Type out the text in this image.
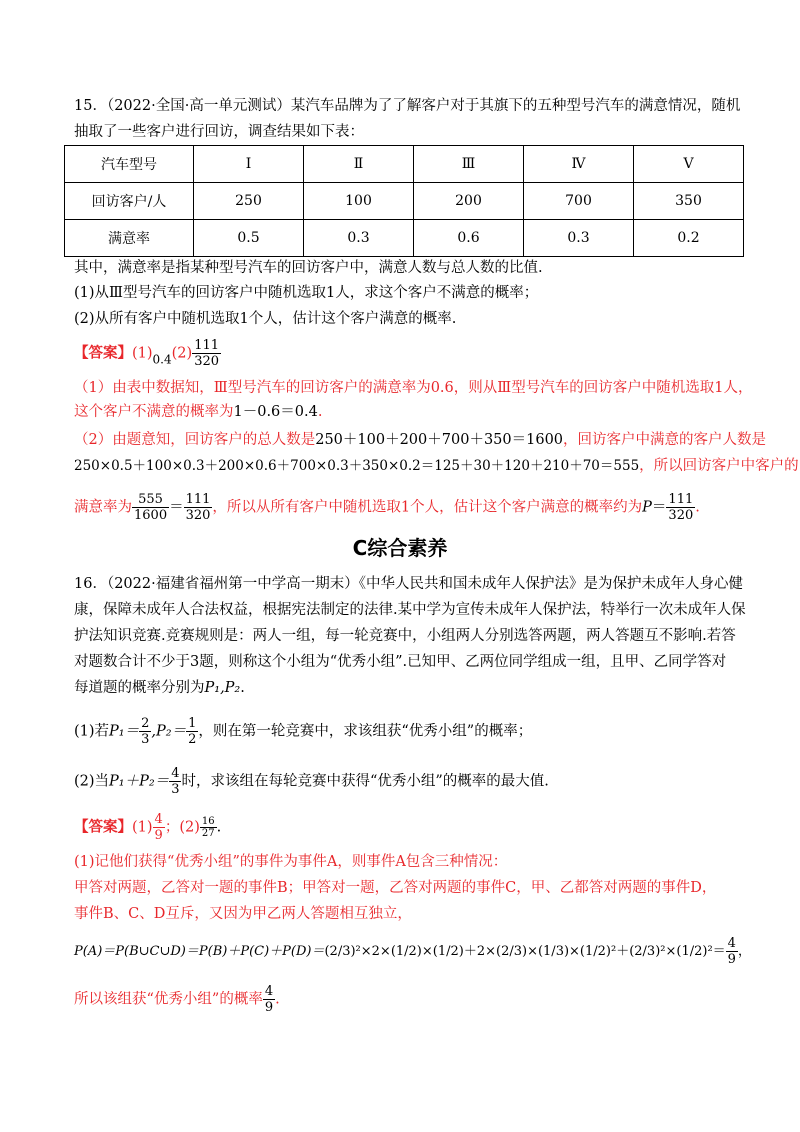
15．（2022·全国·高一单元测试）某汽车品牌为了了解客户对于其旗下的五种型号汽车的满意情况，随机
抽取了一些客户进行回访，调查结果如下表：
汽车型号	Ⅰ	Ⅱ	Ⅲ	Ⅳ	Ⅴ
回访客户/人	250	100	200	700	350
满意率	0.5	0.3	0.6	0.3	0.2
其中，满意率是指某种型号汽车的回访客户中，满意人数与总人数的比值.
(1)从Ⅲ型号汽车的回访客户中随机选取1人，求这个客户不满意的概率；
(2)从所有客户中随机选取1个人，估计这个客户满意的概率.
【答案】$(1)_{0.4}(2) \frac{111}{320}$
（1）由表中数据知，Ⅲ型号汽车的回访客户的满意率为0.6，则从Ⅲ型号汽车的回访客户中随机选取1人，
这个客户不满意的概率为1－0.6＝0.4.
（2）由题意知，回访客户的总人数是250＋100＋200＋700＋350＝1600，回访客户中满意的客户人数是
250×0.5＋100×0.3＋200×0.6＋700×0.3＋350×0.2＝125＋30＋120＋210＋70＝555，所以回访客户中客户的
满意率为 $\frac{555}{1600} = \frac{111}{320}$ ，所以从所有客户中随机选取1个人，估计这个客户满意的概率约为$P= \frac{111}{320}$ .
C综合素养
16．（2022·福建省福州第一中学高一期末）《中华人民共和国未成年人保护法》是为保护未成年人身心健
康，保障未成年人合法权益，根据宪法制定的法律.某中学为宣传未成年人保护法，特举行一次未成年人保
护法知识竞赛.竞赛规则是：两人一组，每一轮竞赛中，小组两人分别选答两题，两人答题互不影响.若答
对题数合计不少于3题，则称这个小组为“优秀小组”.已知甲、乙两位同学组成一组，且甲、乙同学答对
每道题的概率分别为P₁,P₂.
(1)若$P_1= \frac{2}{3} ,P_2= \frac{1}{2}$ ，则在第一轮竞赛中，求该组获“优秀小组”的概率；
(2)当$P_1+P_2= \frac{4}{3}$ 时，求该组在每轮竞赛中获得“优秀小组”的概率的最大值.
【答案】$(1) \frac{4}{9}$ ；$(2) \frac{16}{27}$ .
(1)记他们获得“优秀小组”的事件为事件A，则事件A包含三种情况：
甲答对两题，乙答对一题的事件B；甲答对一题，乙答对两题的事件C，甲、乙都答对两题的事件D，
事件B、C、D互斥，又因为甲乙两人答题相互独立，
P(A)＝P(B∪C∪D)＝P(B)＋P(C)＋P(D)＝(2/3)²×2×(1/2)×(1/2)＋2×(2/3)×(1/3)×(1/2)²＋(2/3)²×(1/2)²＝ $\frac{4}{9}$ ，
所以该组获“优秀小组”的概率 $\frac{4}{9}$ .
